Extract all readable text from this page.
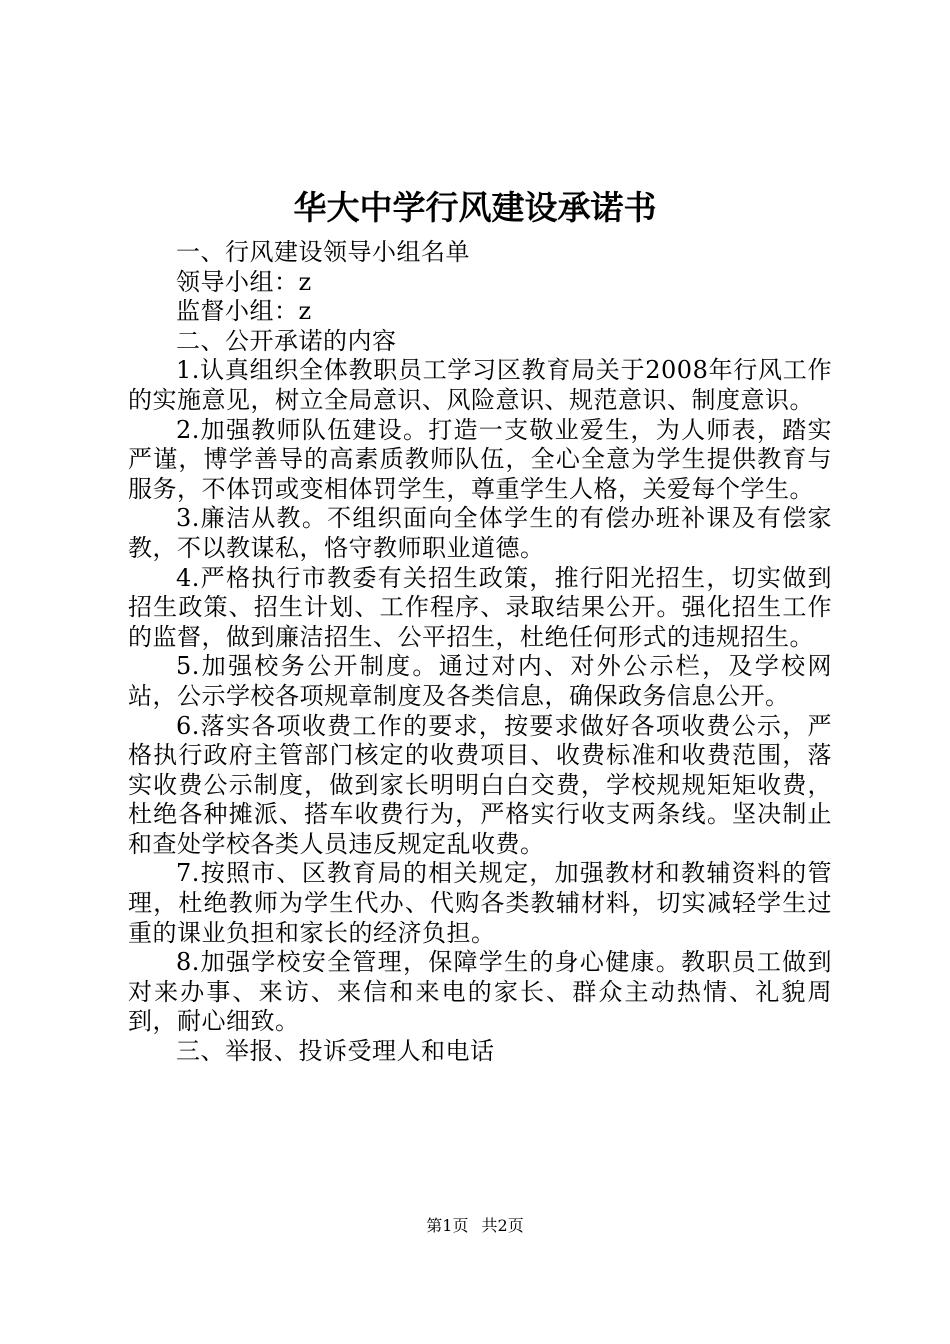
华大中学行风建设承诺书

一、行风建设领导小组名单

领导小组：z

监督小组：z

二、公开承诺的内容

1.认真组织全体教职员工学习区教育局关于2008年行风工作的实施意见，树立全局意识、风险意识、规范意识、制度意识。

2.加强教师队伍建设。打造一支敬业爱生，为人师表，踏实严谨，博学善导的高素质教师队伍，全心全意为学生提供教育与服务，不体罚或变相体罚学生，尊重学生人格，关爱每个学生。

3.廉洁从教。不组织面向全体学生的有偿办班补课及有偿家教，不以教谋私，恪守教师职业道德。

4.严格执行市教委有关招生政策，推行阳光招生，切实做到招生政策、招生计划、工作程序、录取结果公开。强化招生工作的监督，做到廉洁招生、公平招生，杜绝任何形式的违规招生。

5.加强校务公开制度。通过对内、对外公示栏，及学校网站，公示学校各项规章制度及各类信息，确保政务信息公开。

6.落实各项收费工作的要求，按要求做好各项收费公示，严格执行政府主管部门核定的收费项目、收费标准和收费范围，落实收费公示制度，做到家长明明白白交费，学校规规矩矩收费，杜绝各种摊派、搭车收费行为，严格实行收支两条线。坚决制止和查处学校各类人员违反规定乱收费。

7.按照市、区教育局的相关规定，加强教材和教辅资料的管理，杜绝教师为学生代办、代购各类教辅材料，切实减轻学生过重的课业负担和家长的经济负担。

8.加强学校安全管理，保障学生的身心健康。教职员工做到对来办事、来访、来信和来电的家长、群众主动热情、礼貌周到，耐心细致。

三、举报、投诉受理人和电话

第1页 共2页
